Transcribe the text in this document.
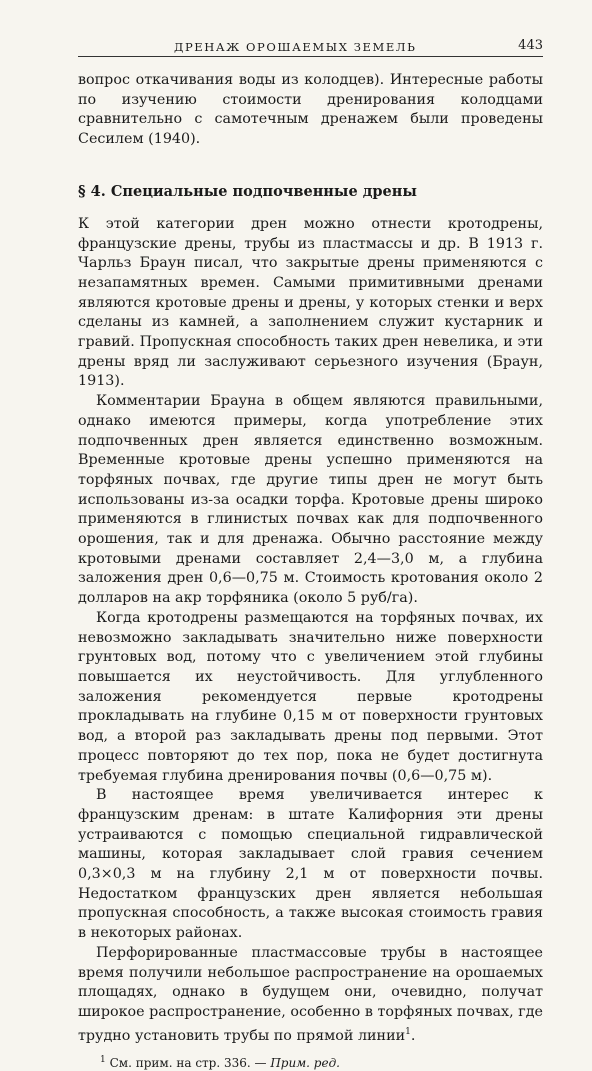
ДРЕНАЖ ОРОШАЕМЫХ ЗЕМЕЛЬ	443

вопрос откачивания воды из колодцев). Интересные работы по изучению стоимости дренирования колодцами сравнительно с самотечным дренажем были проведены Сесилем (1940).

§ 4. Специальные подпочвенные дрены

К этой категории дрен можно отнести кротодрены, французские дрены, трубы из пластмассы и др. В 1913 г. Чарльз Браун писал, что закрытые дрены применяются с незапамятных времен. Самыми примитивными дренами являются кротовые дрены и дрены, у которых стенки и верх сделаны из камней, а заполнением служит кустарник и гравий. Пропускная способность таких дрен невелика, и эти дрены вряд ли заслуживают серьезного изучения (Браун, 1913).

Комментарии Брауна в общем являются правильными, однако имеются примеры, когда употребление этих подпочвенных дрен является единственно возможным. Временные кротовые дрены успешно применяются на торфяных почвах, где другие типы дрен не могут быть использованы из-за осадки торфа. Кротовые дрены широко применяются в глинистых почвах как для подпочвенного орошения, так и для дренажа. Обычно расстояние между кротовыми дренами составляет 2,4—3,0 м, а глубина заложения дрен 0,6—0,75 м. Стоимость кротования около 2 долларов на акр торфяника (около 5 руб/га).

Когда кротодрены размещаются на торфяных почвах, их невозможно закладывать значительно ниже поверхности грунтовых вод, потому что с увеличением этой глубины повышается их неустойчивость. Для углубленного заложения рекомендуется первые кротодрены прокладывать на глубине 0,15 м от поверхности грунтовых вод, а второй раз закладывать дрены под первыми. Этот процесс повторяют до тех пор, пока не будет достигнута требуемая глубина дренирования почвы (0,6—0,75 м).

В настоящее время увеличивается интерес к французским дренам: в штате Калифорния эти дрены устраиваются с помощью специальной гидравлической машины, которая закладывает слой гравия сечением 0,3×0,3 м на глубину 2,1 м от поверхности почвы. Недостатком французских дрен является небольшая пропускная способность, а также высокая стоимость гравия в некоторых районах.

Перфорированные пластмассовые трубы в настоящее время получили небольшое распространение на орошаемых площадях, однако в будущем они, очевидно, получат широкое распространение, особенно в торфяных почвах, где трудно установить трубы по прямой линии$^1$.

$^1$ См. прим. на стр. 336. — Прим. ред.
